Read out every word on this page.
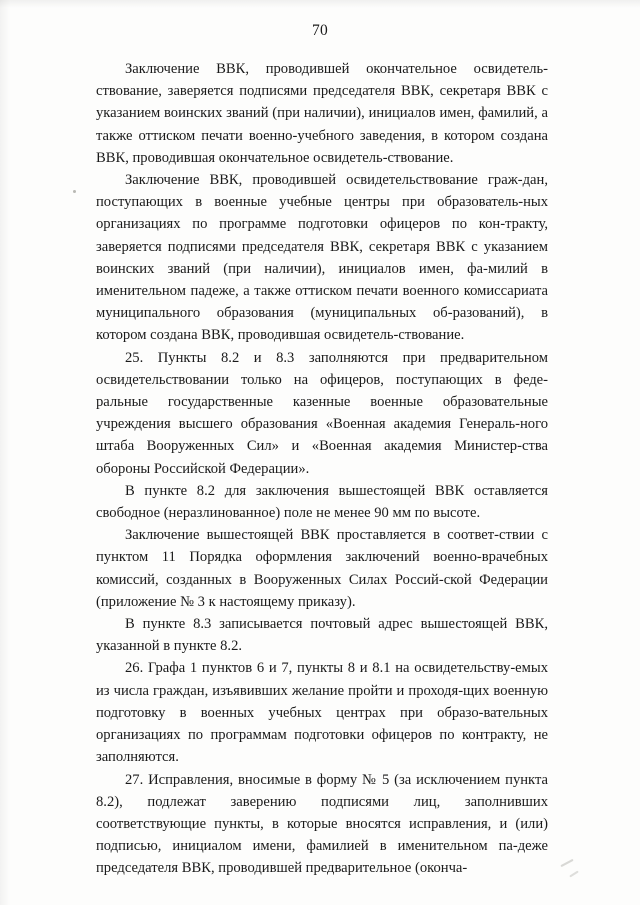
70

Заключение ВВК, проводившей окончательное освидетель-ствование, заверяется подписями председателя ВВК, секретаря ВВК с указанием воинских званий (при наличии), инициалов имен, фамилий, а также оттиском печати военно-учебного заведения, в котором создана ВВК, проводившая окончательное освидетель-ствование.

Заключение ВВК, проводившей освидетельствование граж-дан, поступающих в военные учебные центры при образователь-ных организациях по программе подготовки офицеров по кон-тракту, заверяется подписями председателя ВВК, секретаря ВВК с указанием воинских званий (при наличии), инициалов имен, фа-милий в именительном падеже, а также оттиском печати военного комиссариата муниципального образования (муниципальных об-разований), в котором создана ВВК, проводившая освидетель-ствование.

25. Пункты 8.2 и 8.3 заполняются при предварительном освидетельствовании только на офицеров, поступающих в феде-ральные государственные казенные военные образовательные учреждения высшего образования «Военная академия Генераль-ного штаба Вооруженных Сил» и «Военная академия Министер-ства обороны Российской Федерации».

В пункте 8.2 для заключения вышестоящей ВВК оставляется свободное (неразлинованное) поле не менее 90 мм по высоте.

Заключение вышестоящей ВВК проставляется в соответ-ствии с пунктом 11 Порядка оформления заключений военно-врачебных комиссий, созданных в Вооруженных Силах Россий-ской Федерации (приложение № 3 к настоящему приказу).

В пункте 8.3 записывается почтовый адрес вышестоящей ВВК, указанной в пункте 8.2.

26. Графа 1 пунктов 6 и 7, пункты 8 и 8.1 на освидетельству-емых из числа граждан, изъявивших желание пройти и проходя-щих военную подготовку в военных учебных центрах при образо-вательных организациях по программам подготовки офицеров по контракту, не заполняются.

27. Исправления, вносимые в форму № 5 (за исключением пункта 8.2), подлежат заверению подписями лиц, заполнивших соответствующие пункты, в которые вносятся исправления, и (или) подписью, инициалом имени, фамилией в именительном па-деже председателя ВВК, проводившей предварительное (оконча-
